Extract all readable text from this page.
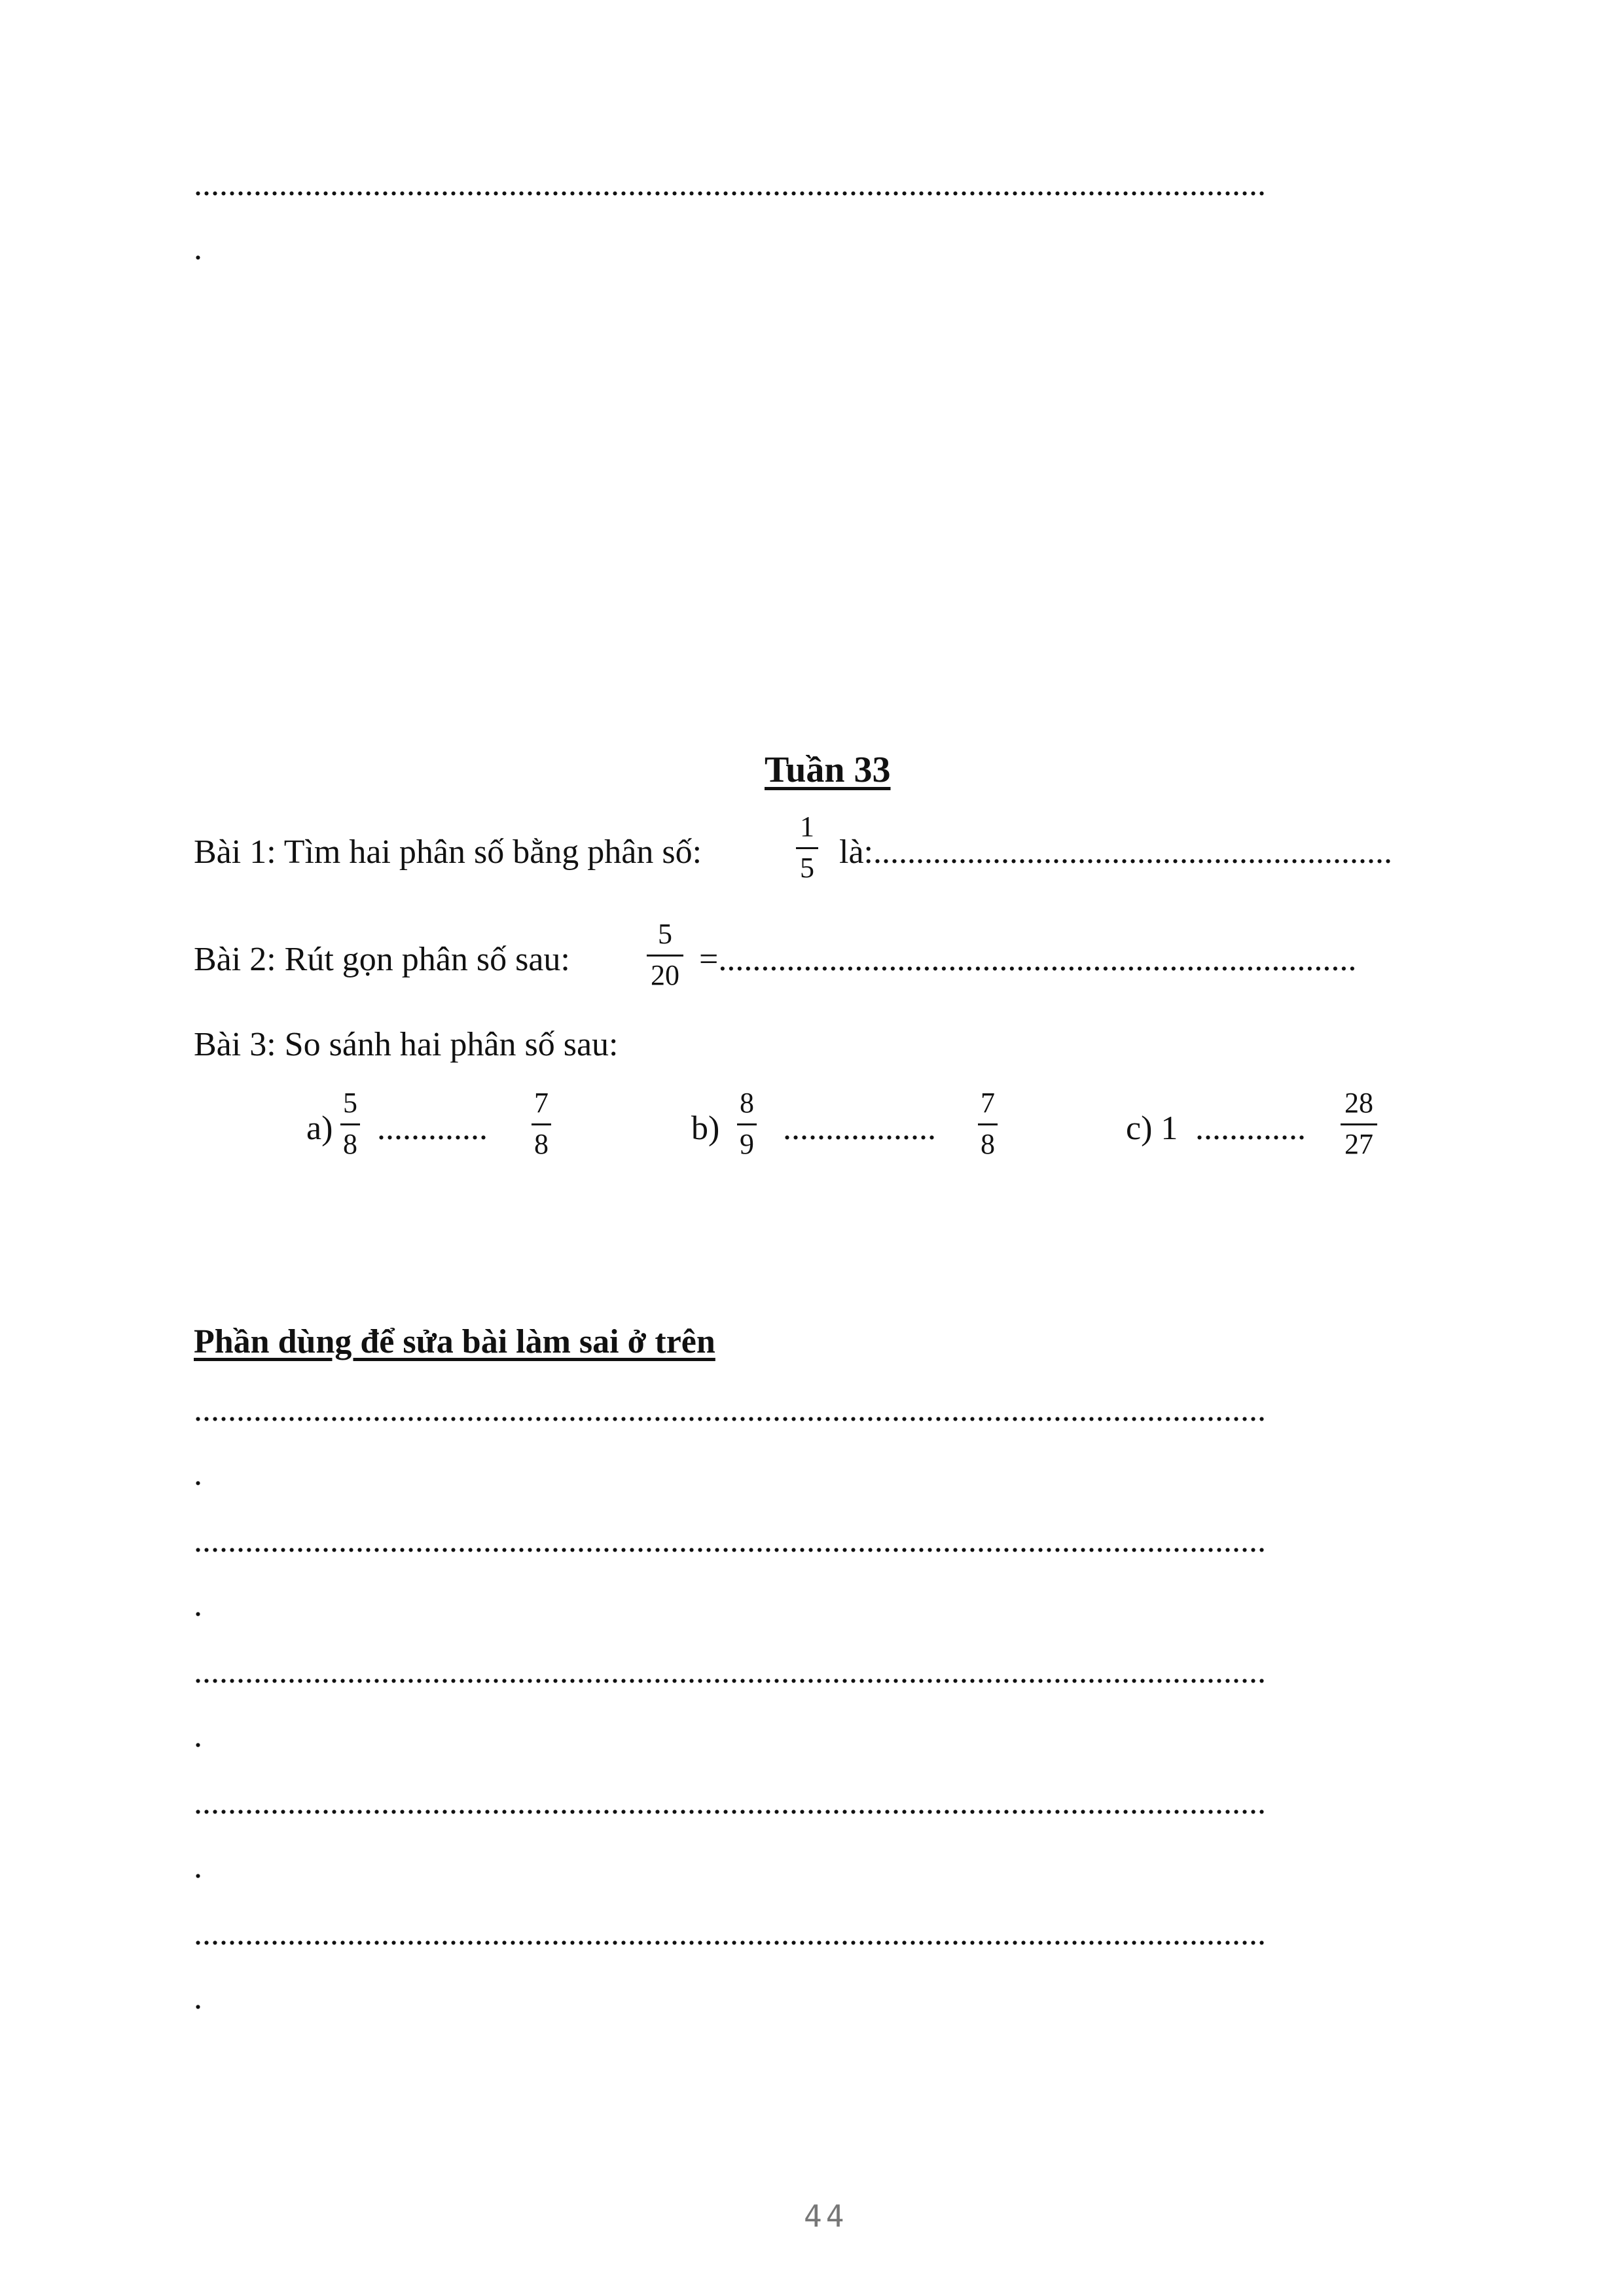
..............................................................................................................................
.
Tuần 33
Bài 1: Tìm hai phân số bằng phân số:
1
5 là:.............................................................
Bài 2: Rút gọn phân số sau:
5
20 =...........................................................................
Bài 3: So sánh hai phân số sau:
a)
5
8 .............
7
8	b)
8
9 ..................
7
8	c) 1 .............
28
27
Phần dùng để sửa bài làm sai ở trên
..............................................................................................................................
.
..............................................................................................................................
.
..............................................................................................................................
.
..............................................................................................................................
.
..............................................................................................................................
.
44
